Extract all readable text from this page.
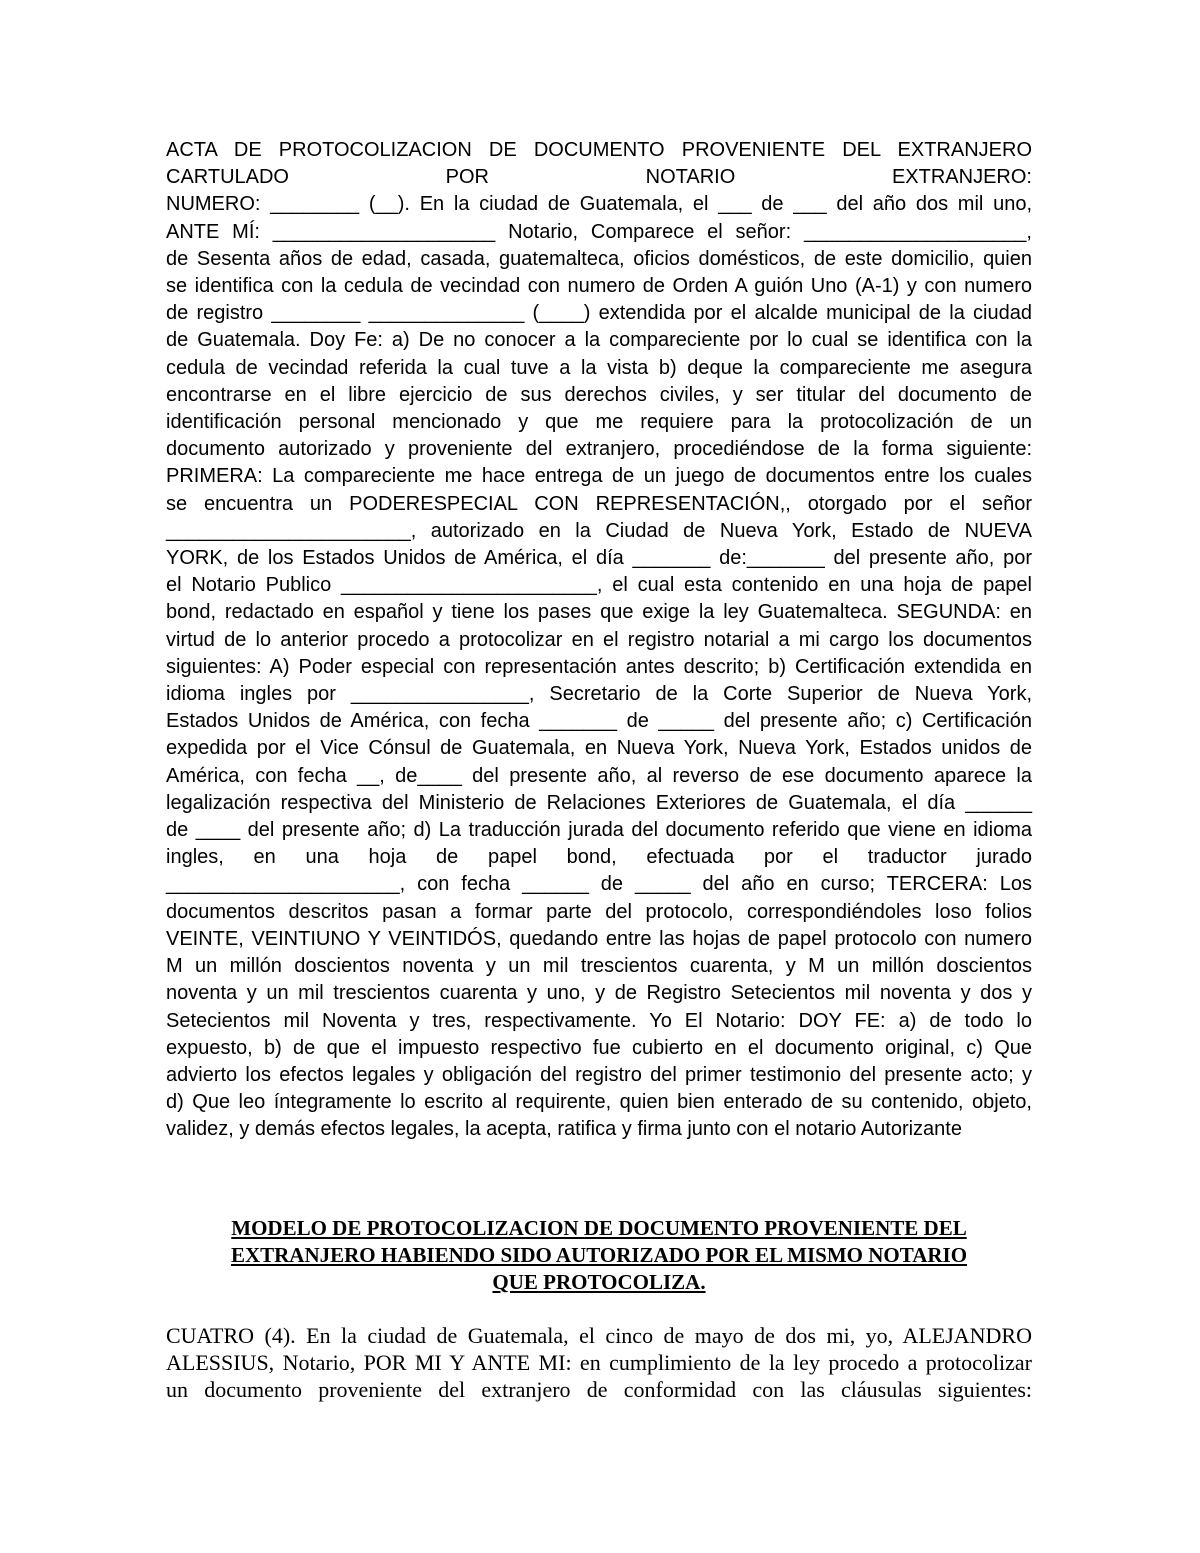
ACTA DE PROTOCOLIZACION DE DOCUMENTO PROVENIENTE DEL EXTRANJERO
CARTULADO POR NOTARIO EXTRANJERO:
NUMERO: ________ (__). En la ciudad de Guatemala, el ___ de ___ del año dos mil uno,
ANTE MÍ: ____________________ Notario, Comparece el señor: ____________________,
de Sesenta años de edad, casada, guatemalteca, oficios domésticos, de este domicilio, quien
se identifica con la cedula de vecindad con numero de Orden A guión Uno (A-1) y con numero
de registro ________ ______________ (____) extendida por el alcalde municipal de la ciudad
de Guatemala. Doy Fe: a) De no conocer a la compareciente por lo cual se identifica con la
cedula de vecindad referida la cual tuve a la vista b) deque la compareciente me asegura
encontrarse en el libre ejercicio de sus derechos civiles, y ser titular del documento de
identificación personal mencionado y que me requiere para la protocolización de un
documento autorizado y proveniente del extranjero, procediéndose de la forma siguiente:
PRIMERA: La compareciente me hace entrega de un juego de documentos entre los cuales
se encuentra un PODERESPECIAL CON REPRESENTACIÓN,, otorgado por el señor
______________________, autorizado en la Ciudad de Nueva York, Estado de NUEVA
YORK, de los Estados Unidos de América, el día _______ de:_______ del presente año, por
el Notario Publico _______________________, el cual esta contenido en una hoja de papel
bond, redactado en español y tiene los pases que exige la ley Guatemalteca. SEGUNDA: en
virtud de lo anterior procedo a protocolizar en el registro notarial a mi cargo los documentos
siguientes: A) Poder especial con representación antes descrito; b) Certificación extendida en
idioma ingles por ________________, Secretario de la Corte Superior de Nueva York,
Estados Unidos de América, con fecha _______ de _____ del presente año; c) Certificación
expedida por el Vice Cónsul de Guatemala, en Nueva York, Nueva York, Estados unidos de
América, con fecha __, de____ del presente año, al reverso de ese documento aparece la
legalización respectiva del Ministerio de Relaciones Exteriores de Guatemala, el día ______
de ____ del presente año; d) La traducción jurada del documento referido que viene en idioma
ingles, en una hoja de papel bond, efectuada por el traductor jurado
_____________________, con fecha ______ de _____ del año en curso; TERCERA: Los
documentos descritos pasan a formar parte del protocolo, correspondiéndoles loso folios
VEINTE, VEINTIUNO Y VEINTIDÓS, quedando entre las hojas de papel protocolo con numero
M un millón doscientos noventa y un mil trescientos cuarenta, y M un millón doscientos
noventa y un mil trescientos cuarenta y uno, y de Registro Setecientos mil noventa y dos y
Setecientos mil Noventa y tres, respectivamente. Yo El Notario: DOY FE: a) de todo lo
expuesto, b) de que el impuesto respectivo fue cubierto en el documento original, c) Que
advierto los efectos legales y obligación del registro del primer testimonio del presente acto; y
d) Que leo íntegramente lo escrito al requirente, quien bien enterado de su contenido, objeto,
validez, y demás efectos legales, la acepta, ratifica y firma junto con el notario Autorizante
MODELO DE PROTOCOLIZACION DE DOCUMENTO PROVENIENTE DEL
EXTRANJERO HABIENDO SIDO AUTORIZADO POR EL MISMO NOTARIO
QUE PROTOCOLIZA.
CUATRO (4). En la ciudad de Guatemala, el cinco de mayo de dos mi, yo, ALEJANDRO
ALESSIUS, Notario, POR MI Y ANTE MI: en cumplimiento de la ley procedo a protocolizar
un documento proveniente del extranjero de conformidad con las cláusulas siguientes:
